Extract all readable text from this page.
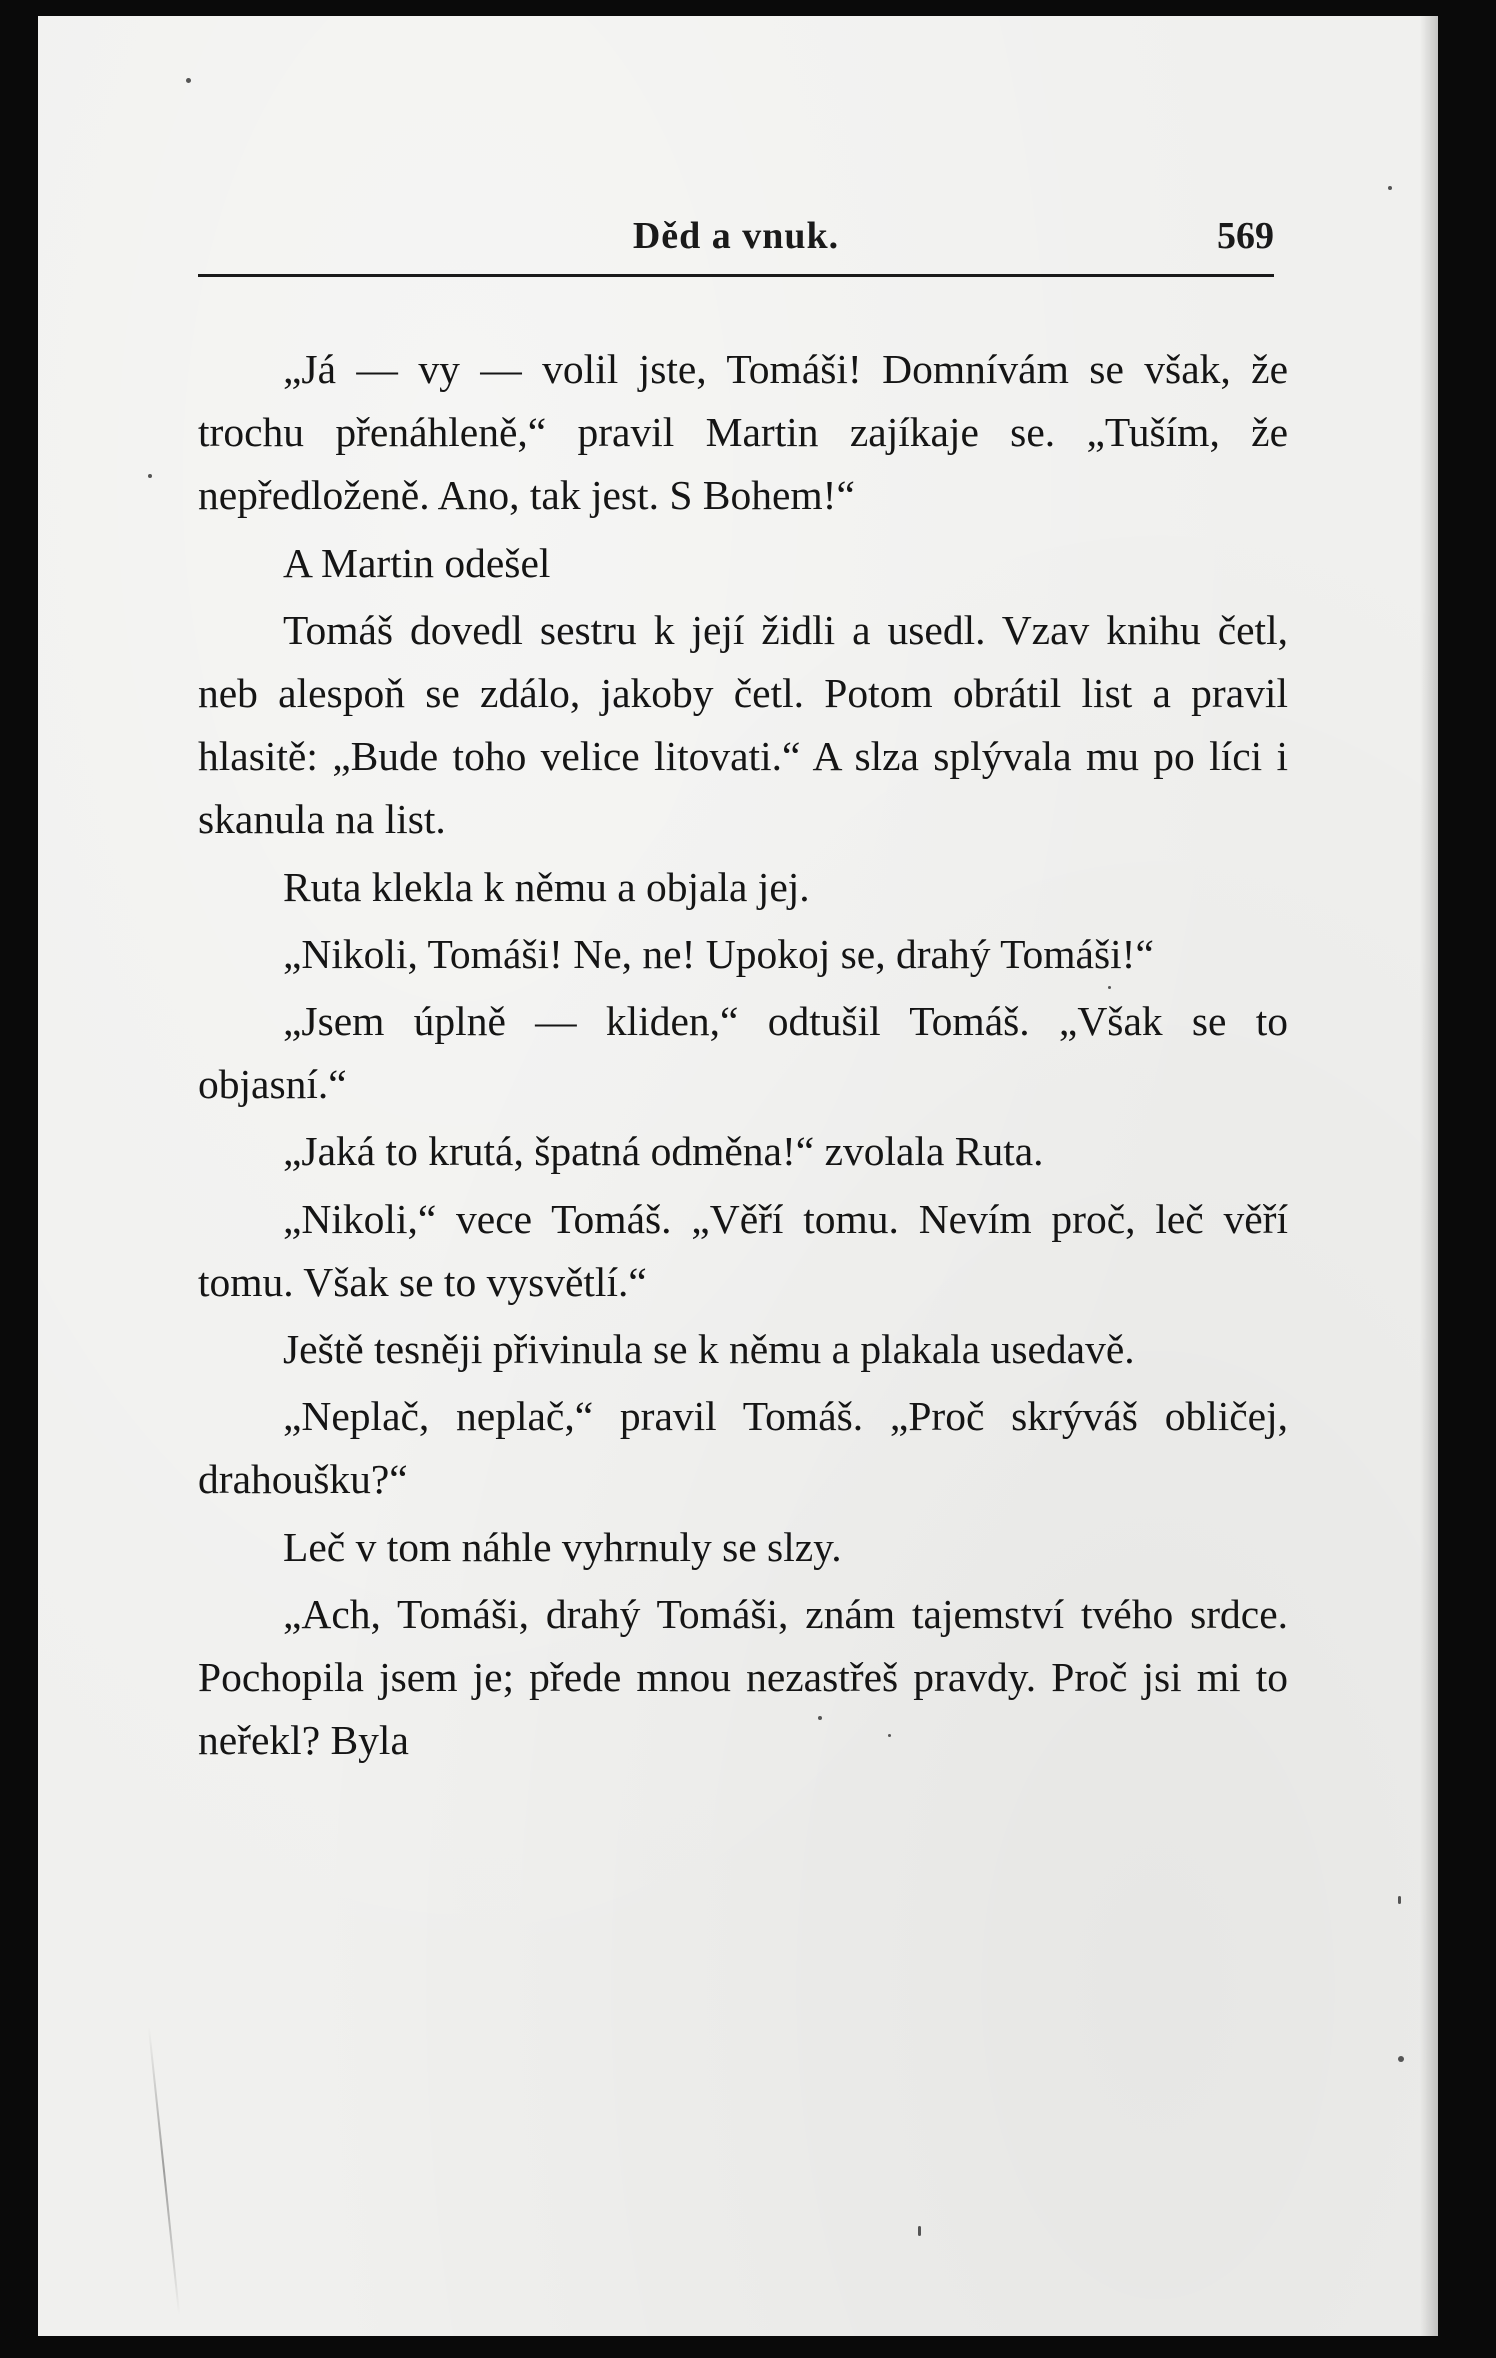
Děd a vnuk.	569

„Já — vy — volil jste, Tomáši! Domnívám se však, že trochu přenáhleně,“ pravil Martin zajíkaje se. „Tuším, že nepředloženě. Ano, tak jest. S Bohem!“

A Martin odešel

Tomáš dovedl sestru k její židli a usedl. Vzav knihu četl, neb alespoň se zdálo, jakoby četl. Potom obrátil list a pravil hlasitě: „Bude toho velice litovati.“ A slza splývala mu po líci i skanula na list.

Ruta klekla k němu a objala jej.

„Nikoli, Tomáši! Ne, ne! Upokoj se, drahý Tomáši!“

„Jsem úplně — kliden,“ odtušil Tomáš. „Však se to objasní.“

„Jaká to krutá, špatná odměna!“ zvolala Ruta.

„Nikoli,“ vece Tomáš. „Věří tomu. Nevím proč, leč věří tomu. Však se to vysvětlí.“

Ještě tesněji přivinula se k němu a plakala usedavě.

„Neplač, neplač,“ pravil Tomáš. „Proč skrýváš obličej, drahoušku?“

Leč v tom náhle vyhrnuly se slzy.

„Ach, Tomáši, drahý Tomáši, znám tajemství tvého srdce. Pochopila jsem je; přede mnou nezastřeš pravdy. Proč jsi mi to neřekl? Byla
